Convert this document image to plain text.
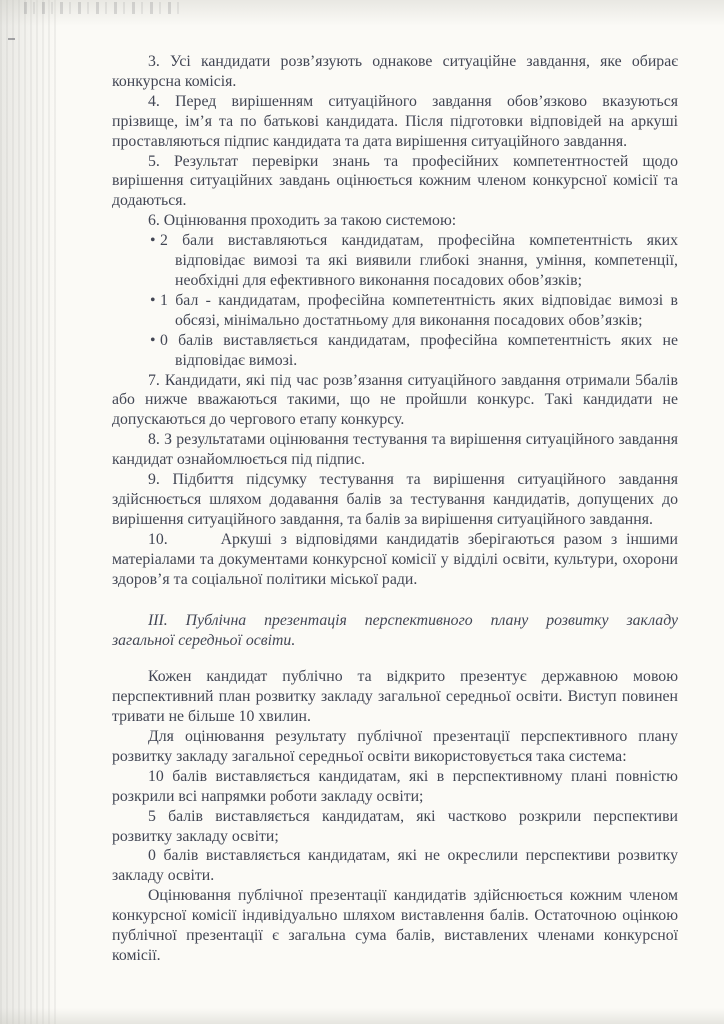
3. Усі кандидати розв’язують однакове ситуаційне завдання, яке обирає конкурсна комісія.

4. Перед вирішенням ситуаційного завдання обов’язково вказуються прізвище, ім’я та по батькові кандидата. Після підготовки відповідей на аркуші проставляються підпис кандидата та дата вирішення ситуаційного завдання.

5. Результат перевірки знань та професійних компетентностей щодо вирішення ситуаційних завдань оцінюється кожним членом конкурсної комісії та додаються.

6. Оцінювання проходить за такою системою:

• 2 бали виставляються кандидатам, професійна компетентність яких відповідає вимозі та які виявили глибокі знання, уміння, компетенції, необхідні для ефективного виконання посадових обов’язків;
• 1 бал - кандидатам, професійна компетентність яких відповідає вимозі в обсязі, мінімально достатньому для виконання посадових обов’язків;
• 0 балів виставляється кандидатам, професійна компетентність яких не відповідає вимозі.

7. Кандидати, які під час розв’язання ситуаційного завдання отримали 5балів або нижче вважаються такими, що не пройшли конкурс. Такі кандидати не допускаються до чергового етапу конкурсу.

8. З результатами оцінювання тестування та вирішення ситуаційного завдання кандидат ознайомлюється під підпис.

9. Підбиття підсумку тестування та вирішення ситуаційного завдання здійснюється шляхом додавання балів за тестування кандидатів, допущених до вирішення ситуаційного завдання, та балів за вирішення ситуаційного завдання.

10.      Аркуші з відповідями кандидатів зберігаються разом з іншими матеріалами та документами конкурсної комісії у відділі освіти, культури, охорони здоров’я та соціальної політики міської ради.

ІІІ. Публічна презентація перспективного плану розвитку закладу
загальної середньої освіти.

Кожен кандидат публічно та відкрито презентує державною мовою перспективний план розвитку закладу загальної середньої освіти. Виступ повинен тривати не більше 10 хвилин.

Для оцінювання результату публічної презентації перспективного плану розвитку закладу загальної середньої освіти використовується така система:

10 балів виставляється кандидатам, які в перспективному плані повністю розкрили всі напрямки роботи закладу освіти;

5 балів виставляється кандидатам, які частково розкрили перспективи розвитку закладу освіти;

0 балів виставляється кандидатам, які не окреслили перспективи розвитку закладу освіти.

Оцінювання публічної презентації кандидатів здійснюється кожним членом конкурсної комісії індивідуально шляхом виставлення балів. Остаточною оцінкою публічної презентації є загальна сума балів, виставлених членами конкурсної комісії.
